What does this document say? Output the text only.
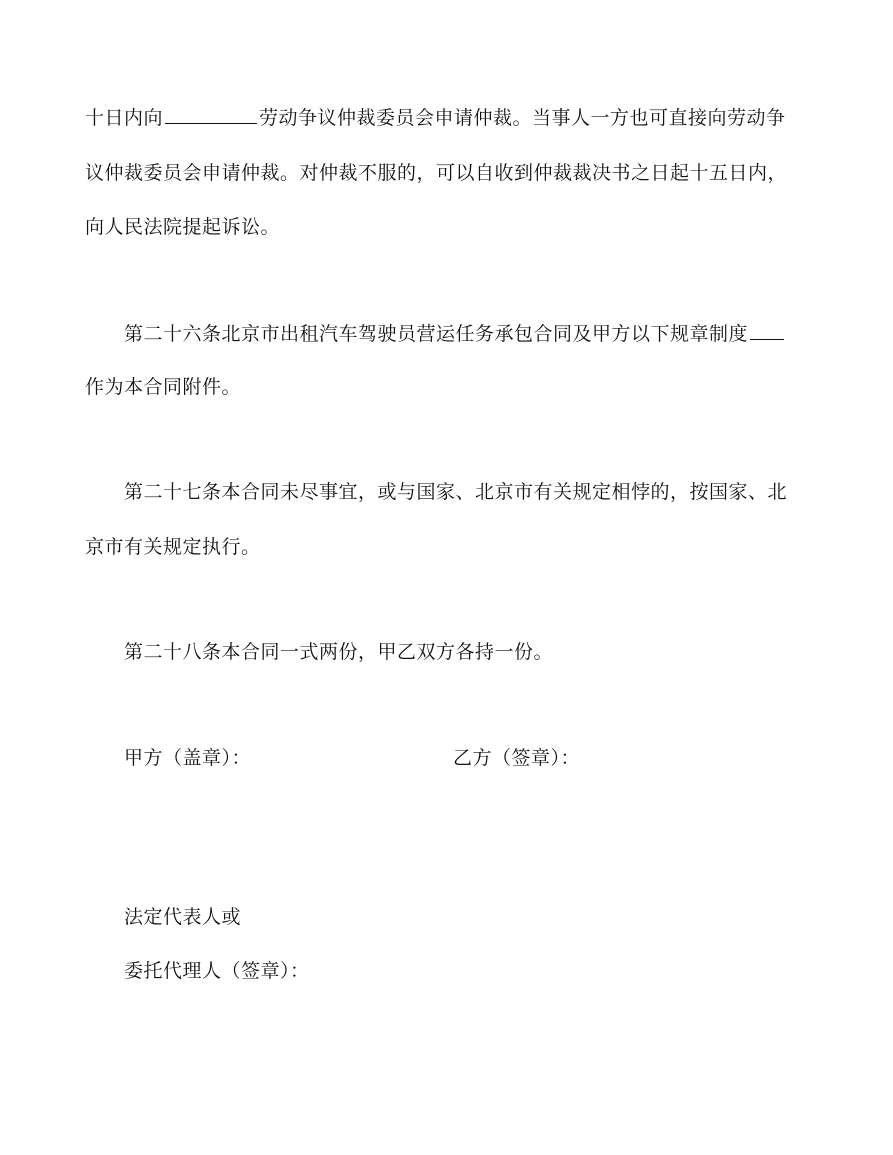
十日内向	劳动争议仲裁委员会申请仲裁。当事人一方也可直接向劳动争
议仲裁委员会申请仲裁。对仲裁不服的，可以自收到仲裁裁决书之日起十五日内，
向人民法院提起诉讼。
第二十六条北京市出租汽车驾驶员营运任务承包合同及甲方以下规章制度
作为本合同附件。
第二十七条本合同未尽事宜，或与国家、北京市有关规定相悖的，按国家、北
京市有关规定执行。
第二十八条本合同一式两份，甲乙双方各持一份。
甲方（盖章）：	乙方（签章）：
法定代表人或
委托代理人（签章）：
